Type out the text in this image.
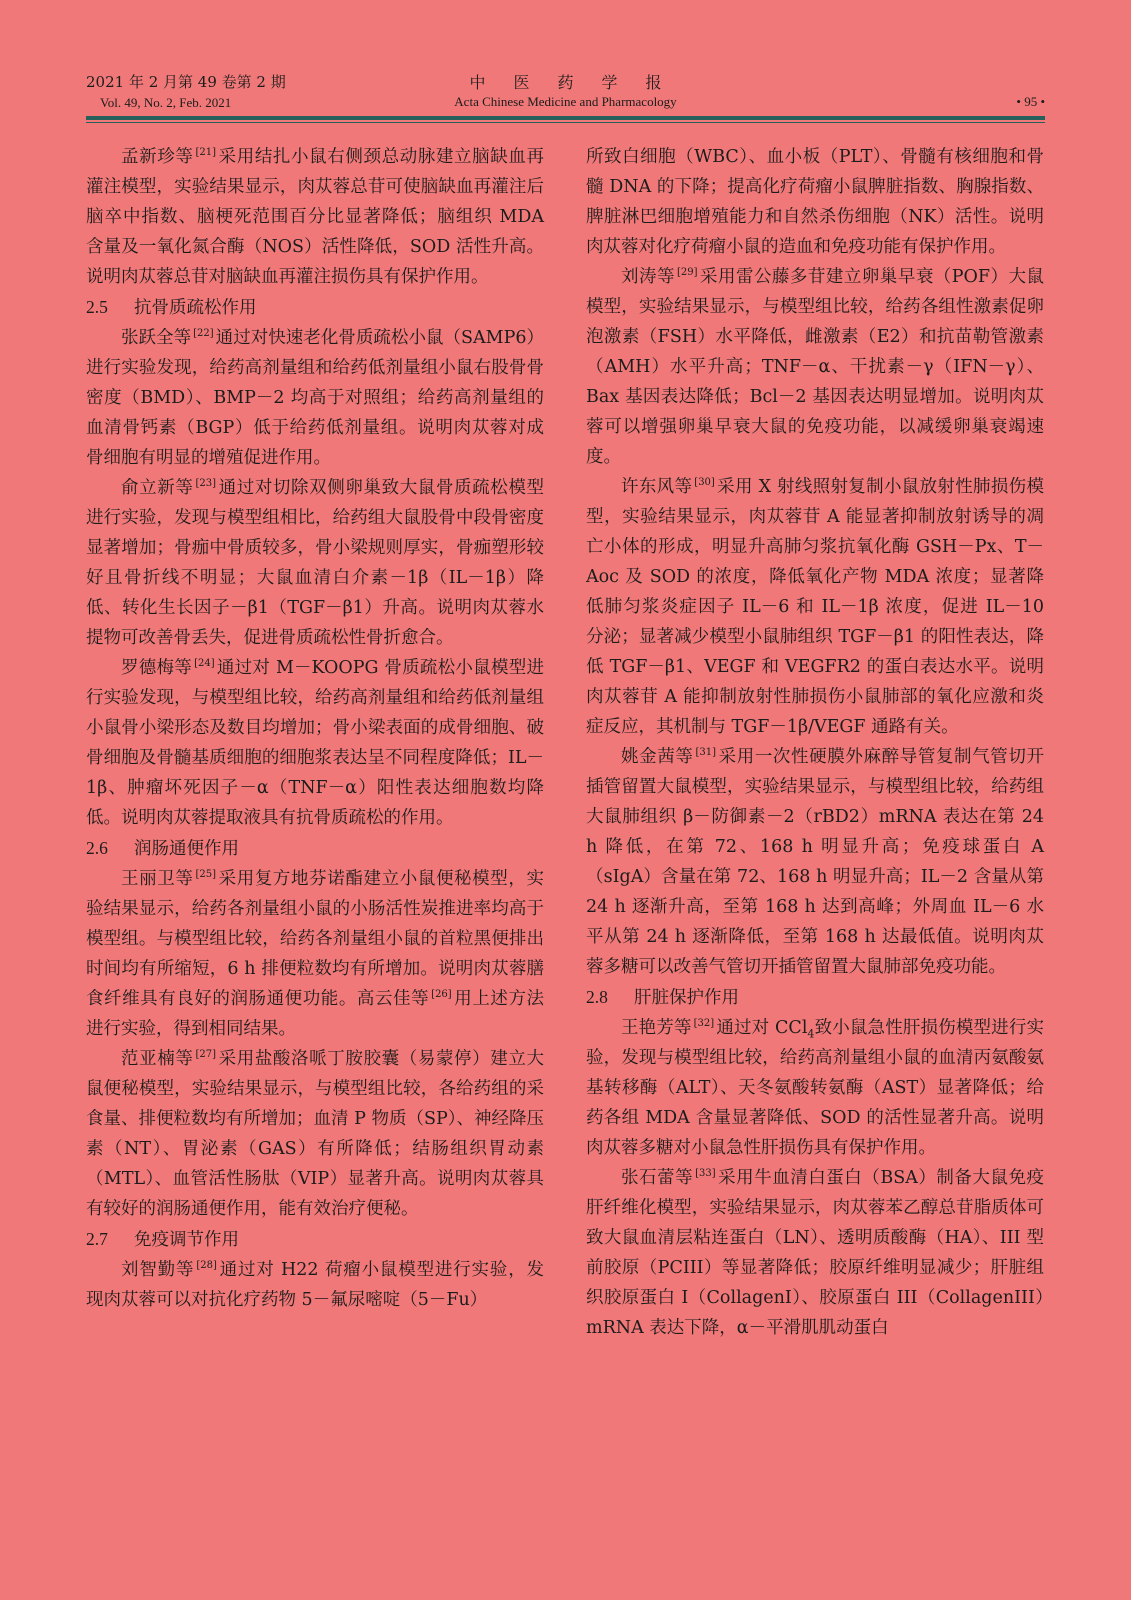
2021 年 2 月第 49 卷第 2 期
Vol. 49, No. 2, Feb. 2021
中医药学报
Acta Chinese Medicine and Pharmacology	• 95 •

孟新珍等 [21] 采用结扎小鼠右侧颈总动脉建立脑缺血再灌注模型，实验结果显示，肉苁蓉总苷可使脑缺血再灌注后脑卒中指数、脑梗死范围百分比显著降低；脑组织 MDA 含量及一氧化氮合酶（NOS）活性降低，SOD 活性升高。说明肉苁蓉总苷对脑缺血再灌注损伤具有保护作用。

2.5 抗骨质疏松作用

张跃全等 [22] 通过对快速老化骨质疏松小鼠（SAMP6）进行实验发现，给药高剂量组和给药低剂量组小鼠右股骨骨密度（BMD）、BMP－2 均高于对照组；给药高剂量组的血清骨钙素（BGP）低于给药低剂量组。说明肉苁蓉对成骨细胞有明显的增殖促进作用。

俞立新等 [23] 通过对切除双侧卵巢致大鼠骨质疏松模型进行实验，发现与模型组相比，给药组大鼠股骨中段骨密度显著增加；骨痂中骨质较多，骨小梁规则厚实，骨痂塑形较好且骨折线不明显；大鼠血清白介素－1β（IL－1β）降低、转化生长因子－β1（TGF－β1）升高。说明肉苁蓉水提物可改善骨丢失，促进骨质疏松性骨折愈合。

罗德梅等 [24] 通过对 M－KOOPG 骨质疏松小鼠模型进行实验发现，与模型组比较，给药高剂量组和给药低剂量组小鼠骨小梁形态及数目均增加；骨小梁表面的成骨细胞、破骨细胞及骨髓基质细胞的细胞浆表达呈不同程度降低；IL－1β、肿瘤坏死因子－α（TNF－α）阳性表达细胞数均降低。说明肉苁蓉提取液具有抗骨质疏松的作用。

2.6 润肠通便作用

王丽卫等 [25] 采用复方地芬诺酯建立小鼠便秘模型，实验结果显示，给药各剂量组小鼠的小肠活性炭推进率均高于模型组。与模型组比较，给药各剂量组小鼠的首粒黑便排出时间均有所缩短，6 h 排便粒数均有所增加。说明肉苁蓉膳食纤维具有良好的润肠通便功能。高云佳等 [26] 用上述方法进行实验，得到相同结果。

范亚楠等 [27] 采用盐酸洛哌丁胺胶囊（易蒙停）建立大鼠便秘模型，实验结果显示，与模型组比较，各给药组的采食量、排便粒数均有所增加；血清 P 物质（SP）、神经降压素（NT）、胃泌素（GAS）有所降低；结肠组织胃动素（MTL）、血管活性肠肽（VIP）显著升高。说明肉苁蓉具有较好的润肠通便作用，能有效治疗便秘。

2.7 免疫调节作用

刘智勤等 [28] 通过对 H22 荷瘤小鼠模型进行实验，发现肉苁蓉可以对抗化疗药物 5－氟尿嘧啶（5－Fu）

所致白细胞（WBC）、血小板（PLT）、骨髓有核细胞和骨髓 DNA 的下降；提高化疗荷瘤小鼠脾脏指数、胸腺指数、脾脏淋巴细胞增殖能力和自然杀伤细胞（NK）活性。说明肉苁蓉对化疗荷瘤小鼠的造血和免疫功能有保护作用。

刘涛等 [29] 采用雷公藤多苷建立卵巢早衰（POF）大鼠模型，实验结果显示，与模型组比较，给药各组性激素促卵泡激素（FSH）水平降低，雌激素（E2）和抗苗勒管激素（AMH）水平升高；TNF－α、干扰素－γ（IFN－γ）、Bax 基因表达降低；Bcl－2 基因表达明显增加。说明肉苁蓉可以增强卵巢早衰大鼠的免疫功能，以减缓卵巢衰竭速度。

许东风等 [30] 采用 X 射线照射复制小鼠放射性肺损伤模型，实验结果显示，肉苁蓉苷 A 能显著抑制放射诱导的凋亡小体的形成，明显升高肺匀浆抗氧化酶 GSH－Px、T－Aoc 及 SOD 的浓度，降低氧化产物 MDA 浓度；显著降低肺匀浆炎症因子 IL－6 和 IL－1β 浓度，促进 IL－10 分泌；显著减少模型小鼠肺组织 TGF－β1 的阳性表达，降低 TGF－β1、VEGF 和 VEGFR2 的蛋白表达水平。说明肉苁蓉苷 A 能抑制放射性肺损伤小鼠肺部的氧化应激和炎症反应，其机制与 TGF－1β/VEGF 通路有关。

姚金茜等 [31] 采用一次性硬膜外麻醉导管复制气管切开插管留置大鼠模型，实验结果显示，与模型组比较，给药组大鼠肺组织 β－防御素－2（rBD2）mRNA 表达在第 24 h 降低，在第 72、168 h 明显升高；免疫球蛋白 A（sIgA）含量在第 72、168 h 明显升高；IL－2 含量从第 24 h 逐渐升高，至第 168 h 达到高峰；外周血 IL－6 水平从第 24 h 逐渐降低，至第 168 h 达最低值。说明肉苁蓉多糖可以改善气管切开插管留置大鼠肺部免疫功能。

2.8 肝脏保护作用

王艳芳等 [32] 通过对 CCl$_4$致小鼠急性肝损伤模型进行实验，发现与模型组比较，给药高剂量组小鼠的血清丙氨酸氨基转移酶（ALT）、天冬氨酸转氨酶（AST）显著降低；给药各组 MDA 含量显著降低、SOD 的活性显著升高。说明肉苁蓉多糖对小鼠急性肝损伤具有保护作用。

张石蕾等 [33] 采用牛血清白蛋白（BSA）制备大鼠免疫肝纤维化模型，实验结果显示，肉苁蓉苯乙醇总苷脂质体可致大鼠血清层粘连蛋白（LN）、透明质酸酶（HA）、III 型前胶原（PCIII）等显著降低；胶原纤维明显减少；肝脏组织胶原蛋白 I（CollagenI）、胶原蛋白 III（CollagenIII）mRNA 表达下降，α－平滑肌肌动蛋白
